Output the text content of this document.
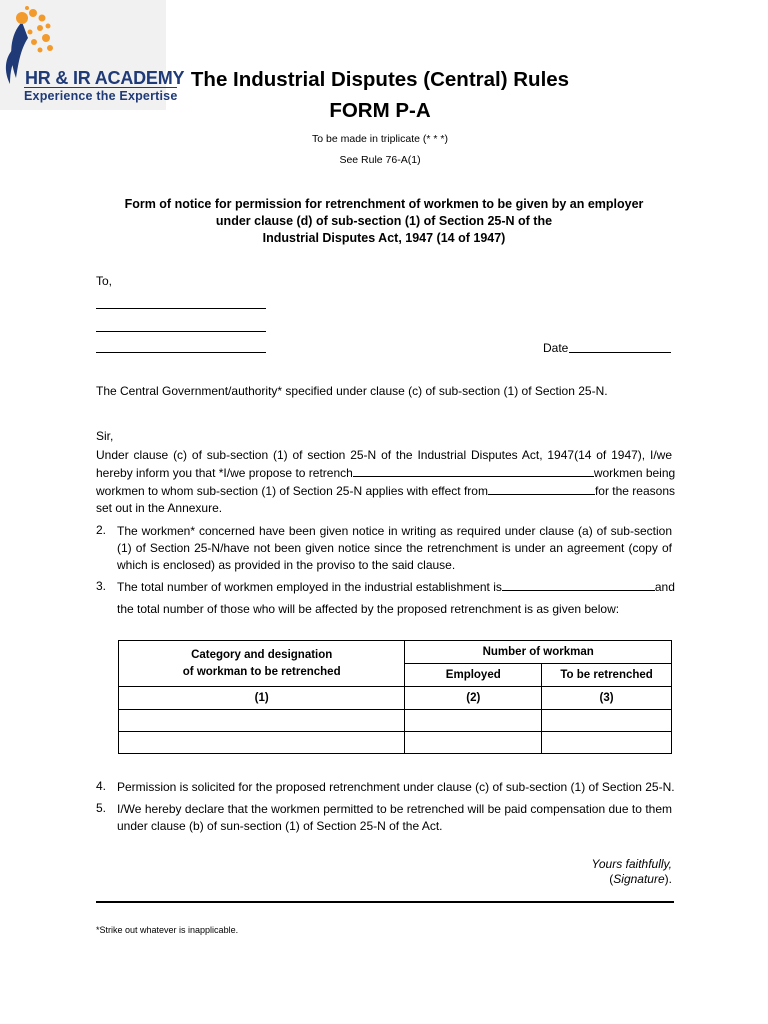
HR & IR ACADEMY
Experience the Expertise
The Industrial Disputes (Central) Rules
FORM P-A
To be made in triplicate (* * *)
See Rule 76-A(1)
Form of notice for permission for retrenchment of workmen to be given by an employer
under clause (d) of sub-section (1) of Section 25-N of the
Industrial Disputes Act, 1947 (14 of 1947)
To,
Date
The Central Government/authority* specified under clause (c) of sub-section (1) of Section 25-N.
Sir,
Under clause (c) of sub-section (1) of section 25-N of the Industrial Disputes Act, 1947(14 of 1947), I/we
hereby inform you that *I/we propose to retrench	workmen being
workmen to whom sub-section (1) of Section 25-N applies with effect from	for the reasons
set out in the Annexure.
2. The workmen* concerned have been given notice in writing as required under clause (a) of sub-section
(1) of Section 25-N/have not been given notice since the retrenchment is under an agreement (copy of
which is enclosed) as provided in the proviso to the said clause.
3. The total number of workmen employed in the industrial establishment is	and
the total number of those who will be affected by the proposed retrenchment is as given below:
Category and designation
of workman to be retrenched	Number of workman	
	Employed	To be retrenched
(1)	(2)	(3)

4. Permission is solicited for the proposed retrenchment under clause (c) of sub-section (1) of Section 25-N.
5. I/We hereby declare that the workmen permitted to be retrenched will be paid compensation due to them
under clause (b) of sun-section (1) of Section 25-N of the Act.
Yours faithfully,
(Signature).
*Strike out whatever is inapplicable.
